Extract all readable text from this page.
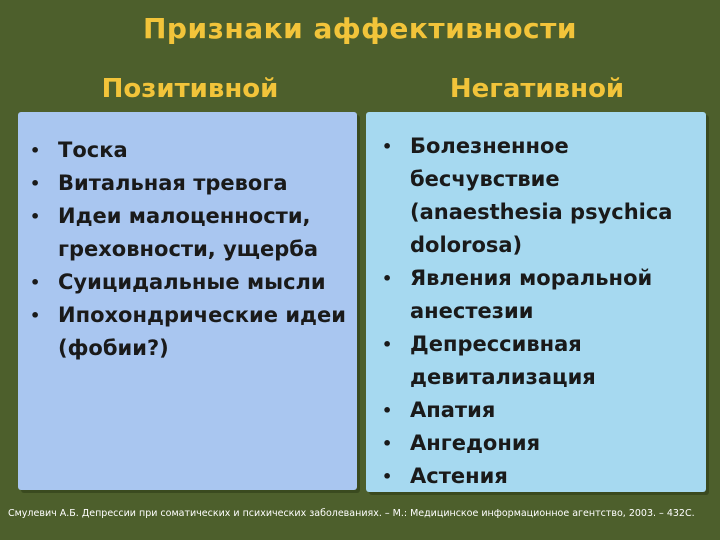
Признаки аффективности
Позитивной	Негативной
• Тоска
• Витальная тревога
• Идеи малоценности, греховности, ущерба
• Суицидальные мысли
• Ипохондрические идеи (фобии?)
• Болезненное бесчувствие (anaesthesia psychica dolorosa)
• Явления моральной анестезии
• Депрессивная девитализация
• Апатия
• Ангедония
• Астения
Смулевич А.Б. Депрессии при соматических и психических заболеваниях. – М.: Медицинское информационное агентство, 2003. – 432С.
